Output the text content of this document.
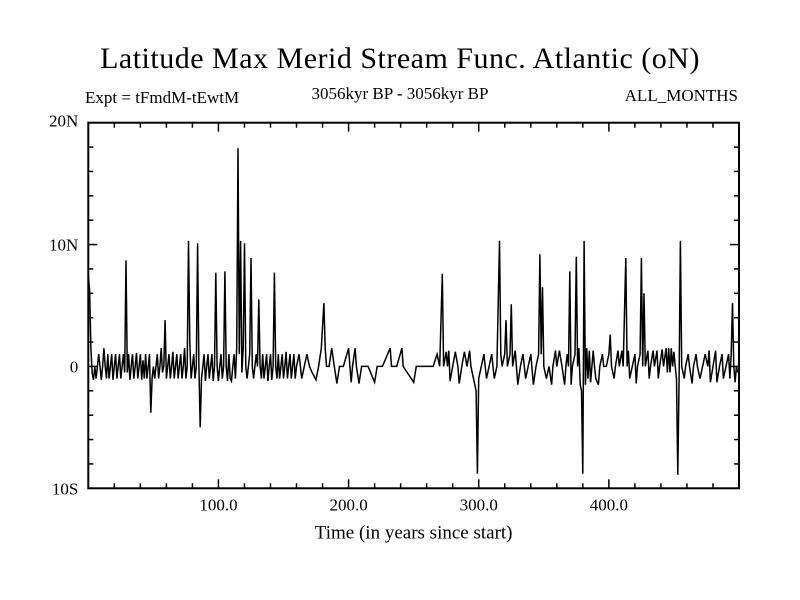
Latitude Max Merid Stream Func. Atlantic (oN)
Expt = tFmdM-tEwtM	3056kyr BP - 3056kyr BP	ALL_MONTHS
100.0	200.0	300.0	400.0
10S
0
10N
20N
Time (in years since start)
